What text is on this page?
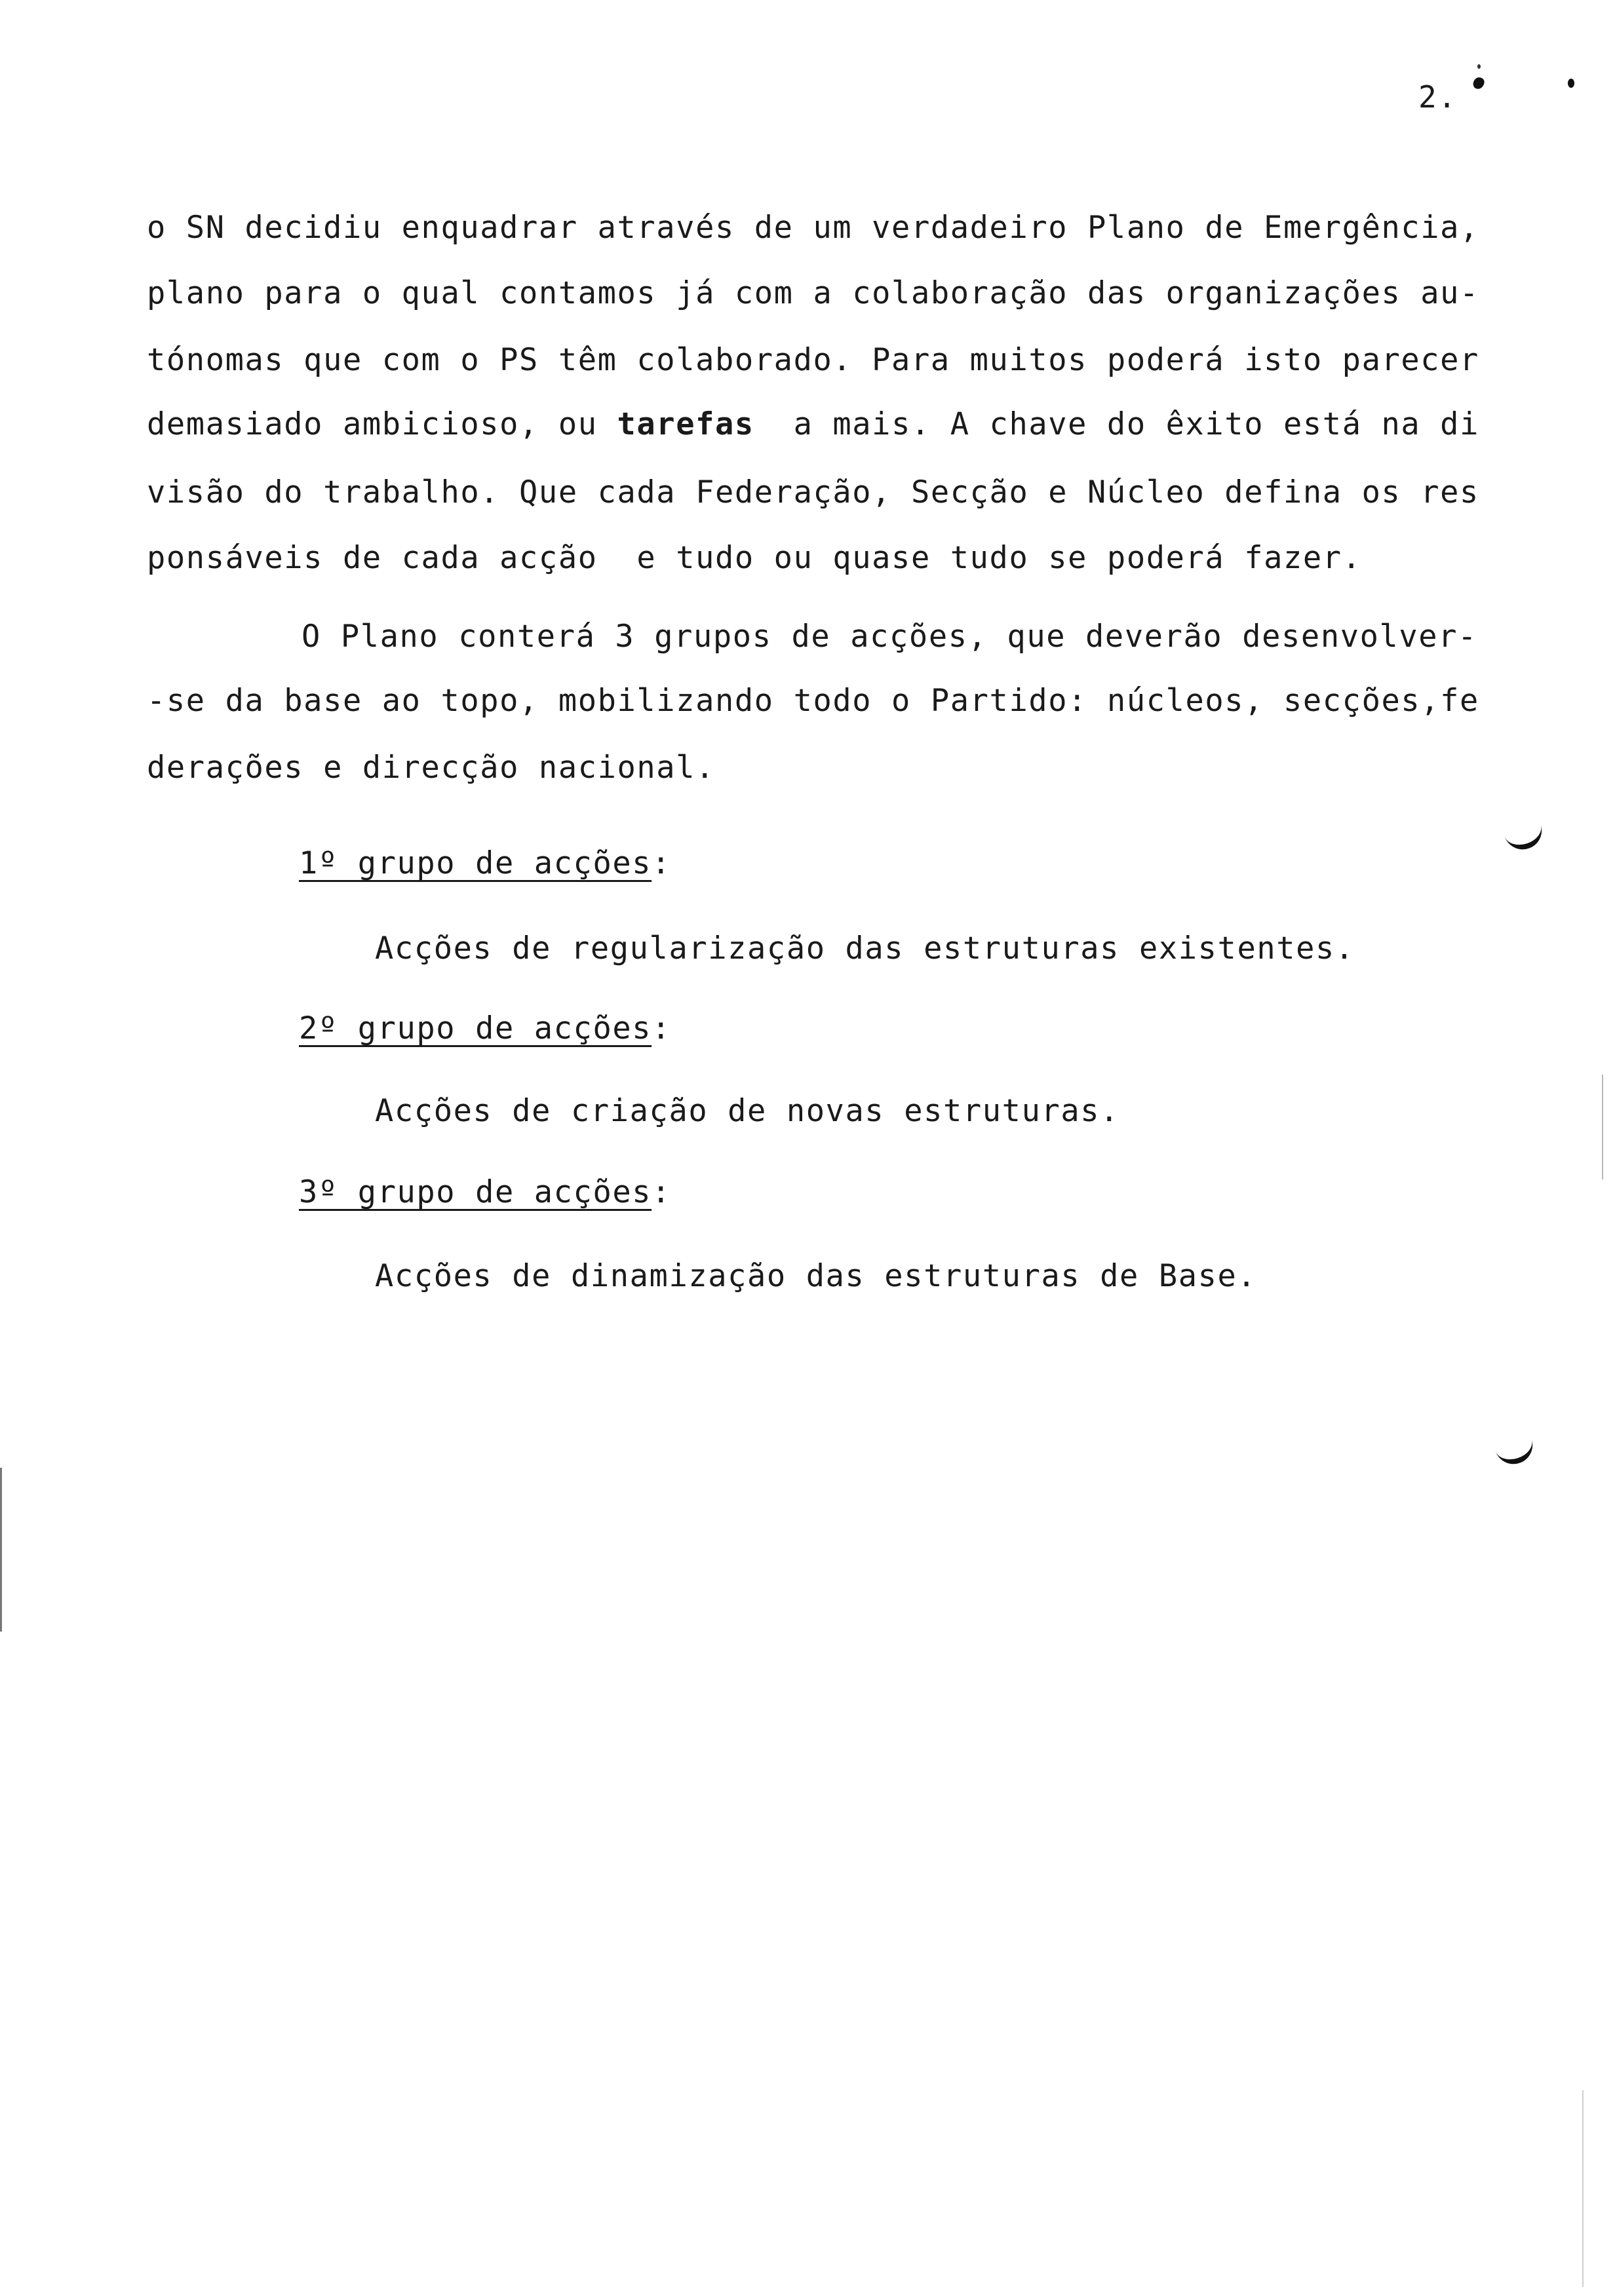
2.
o SN decidiu enquadrar através de um verdadeiro Plano de Emergência,
plano para o qual contamos já com a colaboração das organizações au-
tónomas que com o PS têm colaborado. Para muitos poderá isto parecer
demasiado ambicioso, ou tarefas  a mais. A chave do êxito está na di
visão do trabalho. Que cada Federação, Secção e Núcleo defina os res
ponsáveis de cada acção  e tudo ou quase tudo se poderá fazer.
O Plano conterá 3 grupos de acções, que deverão desenvolver-
-se da base ao topo, mobilizando todo o Partido: núcleos, secções,fe
derações e direcção nacional.
1º grupo de acções:
Acções de regularização das estruturas existentes.
2º grupo de acções:
Acções de criação de novas estruturas.
3º grupo de acções:
Acções de dinamização das estruturas de Base.
